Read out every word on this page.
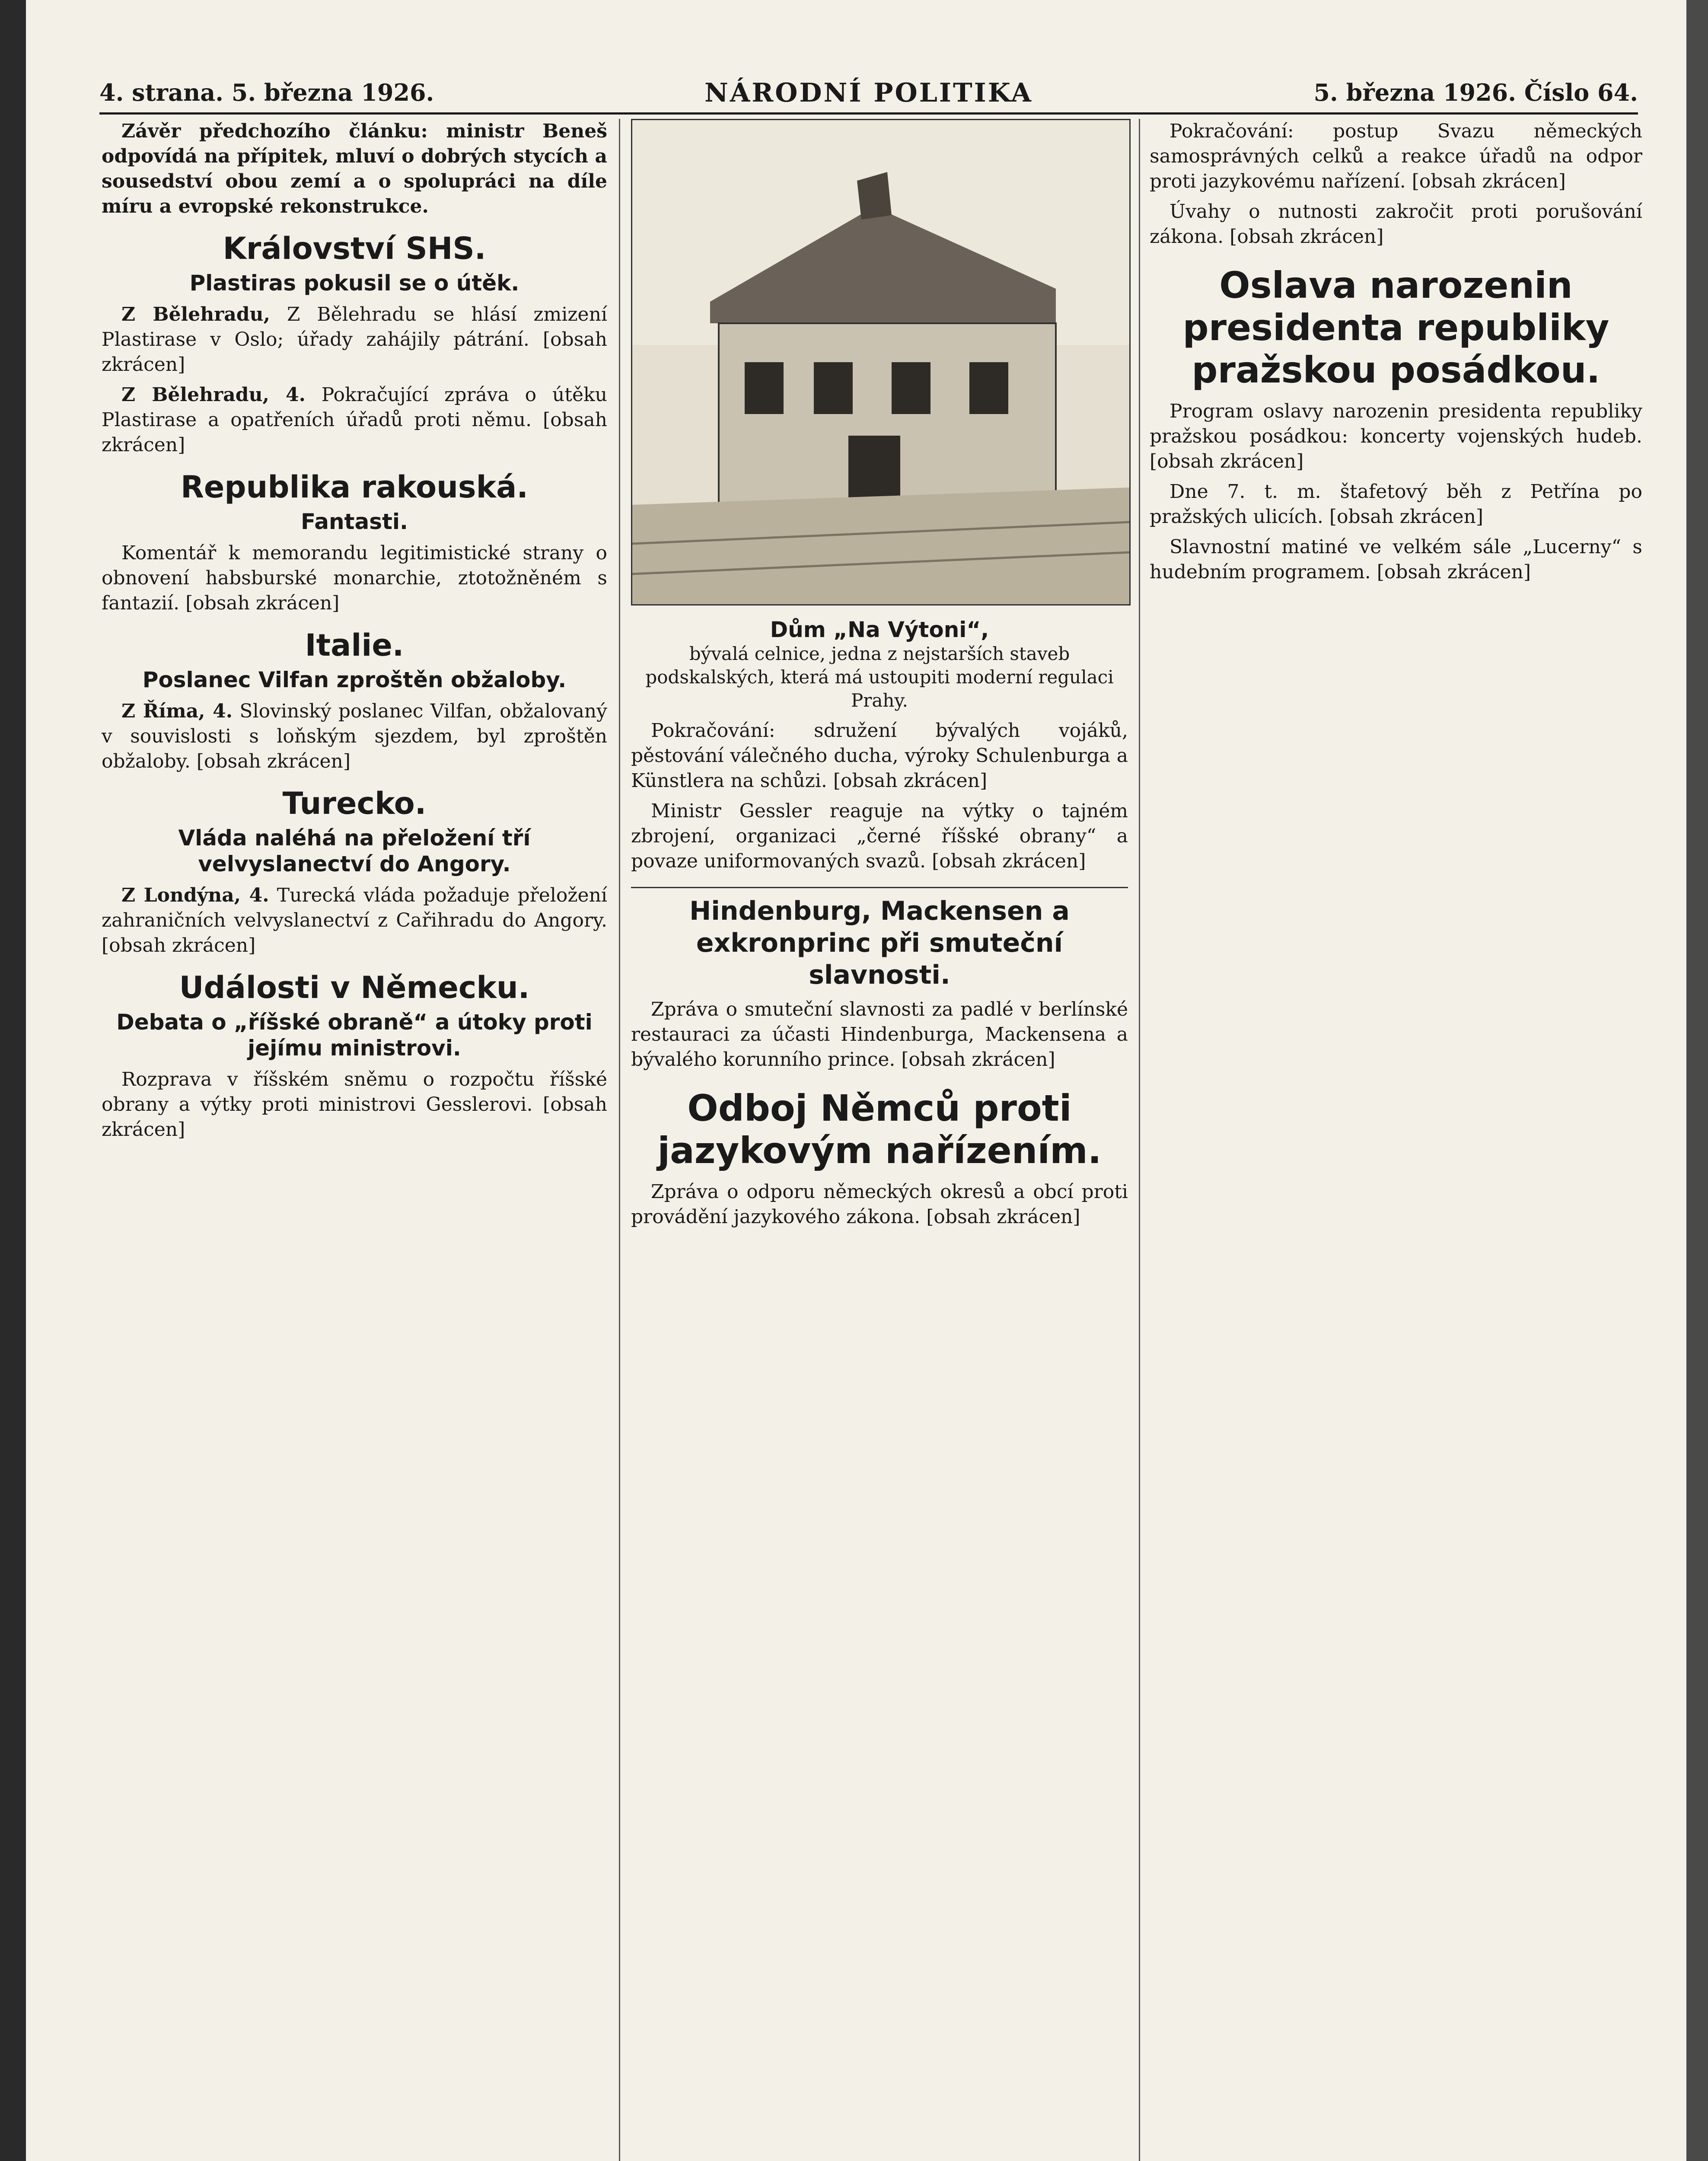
4. strana. 5. března 1926.	NÁRODNÍ POLITIKA	5. března 1926. Číslo 64.

Závěr předchozího článku: ministr Beneš odpovídá na přípitek, mluví o dobrých stycích a sousedství obou zemí a o spolupráci na díle míru a evropské rekonstrukce.

Království SHS.
Plastiras pokusil se o útěk.

Z Bělehradu, Z Bělehradu se hlásí zmizení Plastirase v Oslo; úřady zahájily pátrání. [obsah zkrácen]

Z Bělehradu, 4. Pokračující zpráva o útěku Plastirase a opatřeních úřadů proti němu. [obsah zkrácen]

Republika rakouská.
Fantasti.

Komentář k memorandu legitimistické strany o obnovení habsburské monarchie, ztotožněném s fantazií. [obsah zkrácen]

Italie.
Poslanec Vilfan zproštěn obžaloby.

Z Říma, 4. Slovinský poslanec Vilfan, obžalovaný v souvislosti s loňským sjezdem, byl zproštěn obžaloby. [obsah zkrácen]

Turecko.
Vláda naléhá na přeložení tří velvyslanectví do Angory.

Z Londýna, 4. Turecká vláda požaduje přeložení zahraničních velvyslanectví z Cařihradu do Angory. [obsah zkrácen]

Události v Německu.
Debata o „říšské obraně“ a útoky proti jejímu ministrovi.

Rozprava v říšském sněmu o rozpočtu říšské obrany a výtky proti ministrovi Gesslerovi. [obsah zkrácen]

Dům „Na Výtoni“,
bývalá celnice, jedna z nejstarších staveb podskalských, která má ustoupiti moderní regulaci Prahy.

Pokračování: sdružení bývalých vojáků, pěstování válečného ducha, výroky Schulenburga a Künstlera na schůzi. [obsah zkrácen]

Ministr Gessler reaguje na výtky o tajném zbrojení, organizaci „černé říšské obrany“ a povaze uniformovaných svazů. [obsah zkrácen]

Hindenburg, Mackensen a exkronprinc při smuteční slavnosti.

Zpráva o smuteční slavnosti za padlé v berlínské restauraci za účasti Hindenburga, Mackensena a bývalého korunního prince. [obsah zkrácen]

Odboj Němců proti jazykovým nařízením.

Zpráva o odporu německých okresů a obcí proti provádění jazykového zákona. [obsah zkrácen]

Pokračování: postup Svazu německých samosprávných celků a reakce úřadů na odpor proti jazykovému nařízení. [obsah zkrácen]

Úvahy o nutnosti zakročit proti porušování zákona. [obsah zkrácen]

Oslava narozenin presidenta republiky pražskou posádkou.

Program oslavy narozenin presidenta republiky pražskou posádkou: koncerty vojenských hudeb. [obsah zkrácen]

Dne 7. t. m. štafetový běh z Petřína po pražských ulicích. [obsah zkrácen]

Slavnostní matiné ve velkém sále „Lucerny“ s hudebním programem. [obsah zkrácen]
